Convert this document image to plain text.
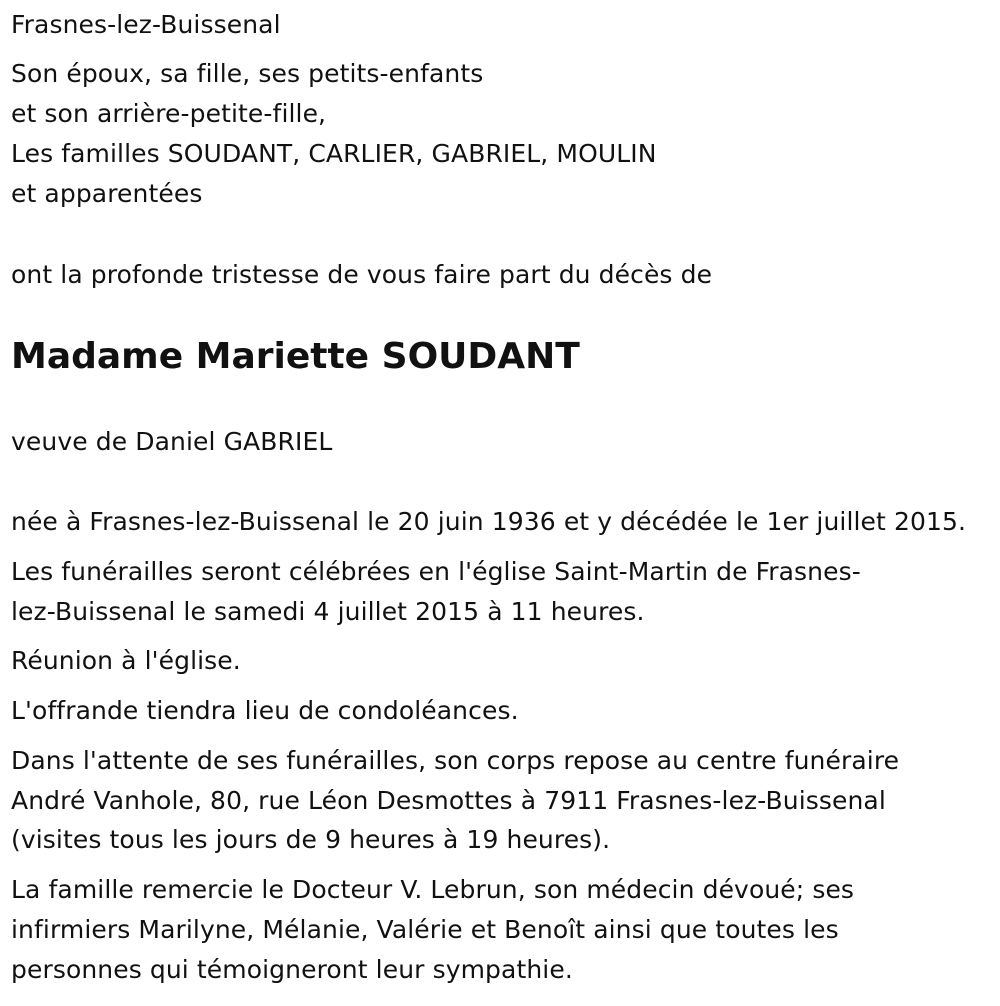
Frasnes-lez-Buissenal

Son époux, sa fille, ses petits-enfants

et son arrière-petite-fille,

Les familles SOUDANT, CARLIER, GABRIEL, MOULIN

et apparentées

ont la profonde tristesse de vous faire part du décès de

Madame Mariette SOUDANT

veuve de Daniel GABRIEL

née à Frasnes-lez-Buissenal le 20 juin 1936 et y décédée le 1er juillet 2015.

Les funérailles seront célébrées en l'église Saint-Martin de Frasnes-

lez-Buissenal le samedi 4 juillet 2015 à 11 heures.

Réunion à l'église.

L'offrande tiendra lieu de condoléances.

Dans l'attente de ses funérailles, son corps repose au centre funéraire

André Vanhole, 80, rue Léon Desmottes à 7911 Frasnes-lez-Buissenal

(visites tous les jours de 9 heures à 19 heures).

La famille remercie le Docteur V. Lebrun, son médecin dévoué; ses

infirmiers Marilyne, Mélanie, Valérie et Benoît ainsi que toutes les

personnes qui témoigneront leur sympathie.
